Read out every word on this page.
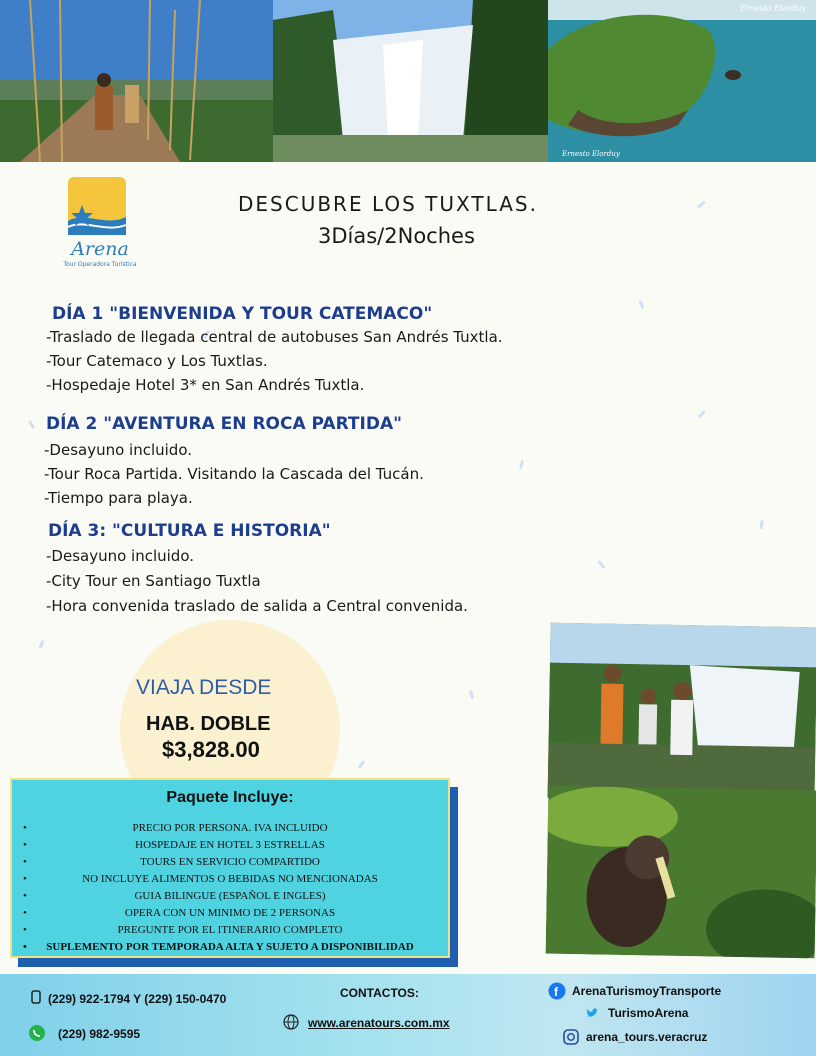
Ernesto Elorduy
Ernesto Elorduy
Arena
Tour Operadora Turística
DESCUBRE LOS TUXTLAS.
3Días/2Noches
DÍA 1 "BIENVENIDA Y TOUR CATEMACO"
-Traslado de llegada central de autobuses San Andrés Tuxtla.
-Tour Catemaco y Los Tuxtlas.
-Hospedaje Hotel 3* en San Andrés Tuxtla.
DÍA 2 "AVENTURA EN ROCA PARTIDA"
-Desayuno incluido.
-Tour Roca Partida. Visitando la Cascada del Tucán.
-Tiempo para playa.
DÍA 3: "CULTURA E HISTORIA"
-Desayuno incluido.
-City Tour en Santiago Tuxtla
-Hora convenida traslado de salida a Central convenida.
VIAJA DESDE
HAB. DOBLE
$3,828.00
Paquete Incluye:
•	PRECIO POR PERSONA. IVA INCLUIDO
•	HOSPEDAJE EN HOTEL 3 ESTRELLAS
•	TOURS EN SERVICIO COMPARTIDO
•	NO INCLUYE ALIMENTOS O BEBIDAS NO MENCIONADAS
•	GUIA BILINGUE (ESPAÑOL E INGLES)
•	OPERA CON UN MINIMO DE 2 PERSONAS
•	PREGUNTE POR EL ITINERARIO COMPLETO
• SUPLEMENTO POR TEMPORADA ALTA Y SUJETO A DISPONIBILIDAD
(229) 922-1794 Y (229) 150-0470
(229) 982-9595
CONTACTOS:
www.arenatours.com.mx
f ArenaTurismoyTransporte
TurismoArena
arena_tours.veracruz
